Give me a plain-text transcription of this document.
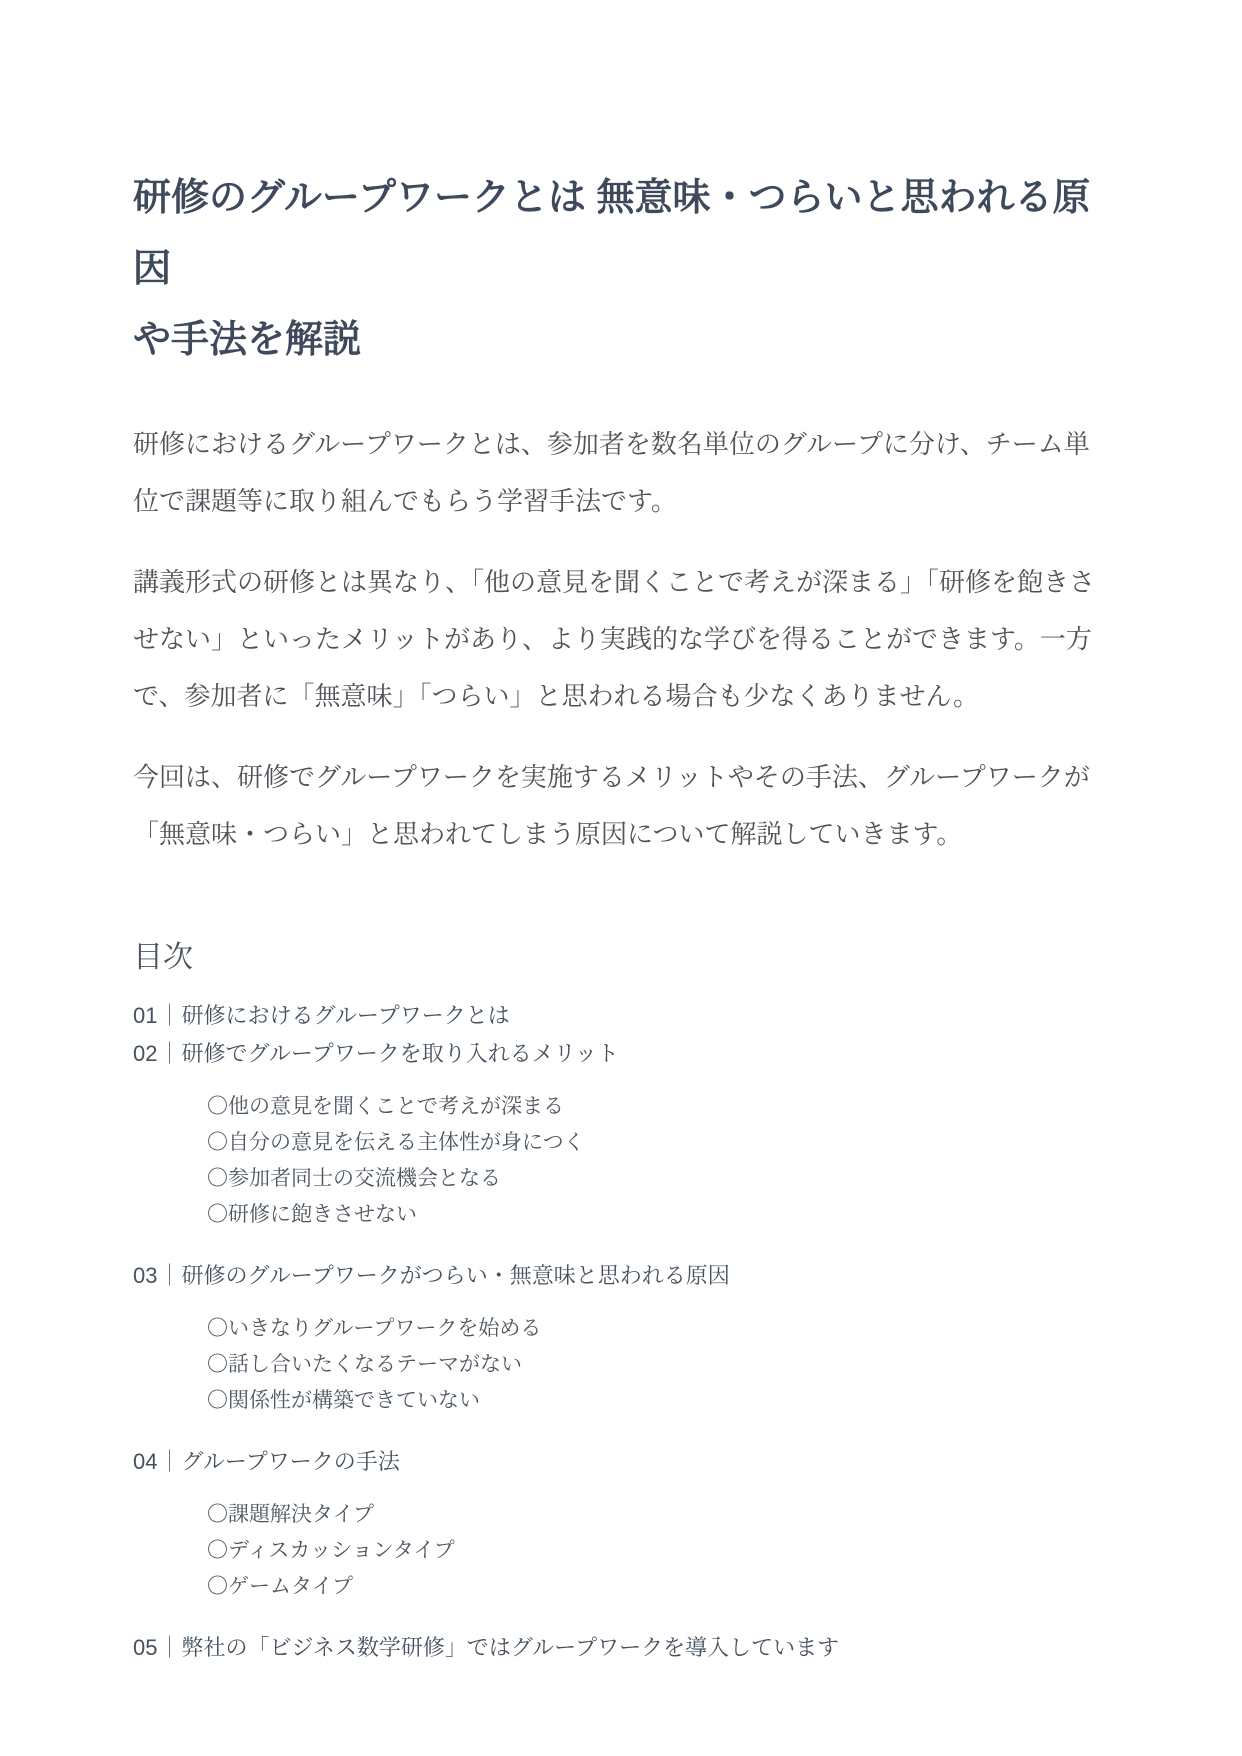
研修のグループワークとは 無意味・つらいと思われる原因
や手法を解説

研修におけるグループワークとは、参加者を数名単位のグループに分け、チーム単位で課題等に取り組んでもらう学習手法です。

講義形式の研修とは異なり、「他の意見を聞くことで考えが深まる」「研修を飽きさせない」といったメリットがあり、より実践的な学びを得ることができます。一方で、参加者に「無意味」「つらい」と思われる場合も少なくありません。

今回は、研修でグループワークを実施するメリットやその手法、グループワークが「無意味・つらい」と思われてしまう原因について解説していきます。

目次
01｜研修におけるグループワークとは
02｜研修でグループワークを取り入れるメリット
〇他の意見を聞くことで考えが深まる
〇自分の意見を伝える主体性が身につく
〇参加者同士の交流機会となる
〇研修に飽きさせない
03｜研修のグループワークがつらい・無意味と思われる原因
〇いきなりグループワークを始める
〇話し合いたくなるテーマがない
〇関係性が構築できていない
04｜グループワークの手法
〇課題解決タイプ
〇ディスカッションタイプ
〇ゲームタイプ
05｜弊社の「ビジネス数学研修」ではグループワークを導入しています
